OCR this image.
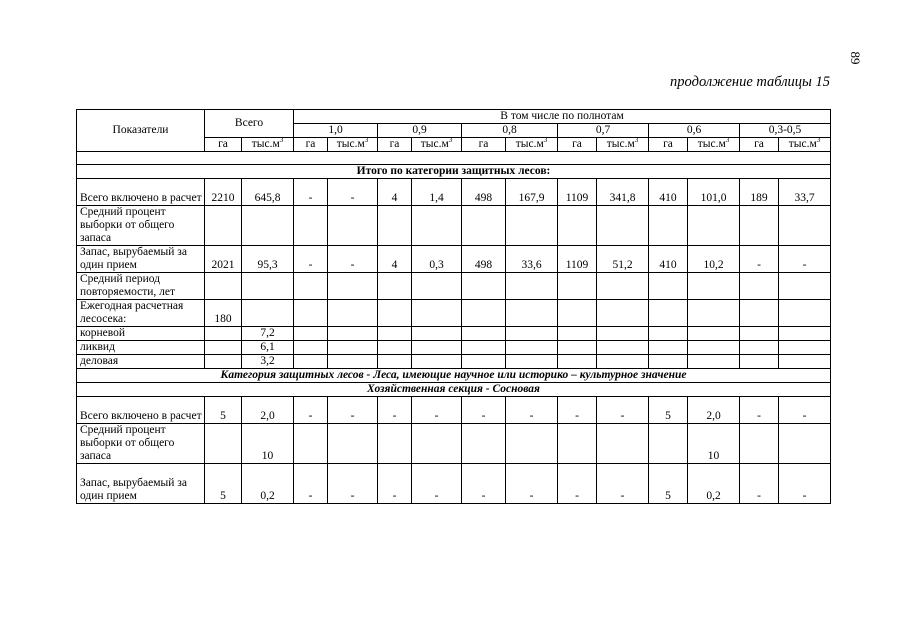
89
продолжение таблицы 15
Показатели	Всего		В том числе по полнотам											
			1,0		0,9		0,8		0,7		0,6		0,3-0,5	
	га	$тыс.м^3$	га	$тыс.м^3$	га	$тыс.м^3$	га	$тыс.м^3$	га	$тыс.м^3$	га	$тыс.м^3$	га	$тыс.м^3$

Итого по категории защитных лесов:														
Всего включено в расчет	2210	645,8	-	-	4	1,4	498	167,9	1109	341,8	410	101,0	189	33,7
Средний процент выборки от общего запаса														
Запас, вырубаемый за один прием	2021	95,3	-	-	4	0,3	498	33,6	1109	51,2	410	10,2	-	-
Средний период повторяемости, лет														
Ежегодная расчетная лесосека:	180													
корневой		7,2												
ликвид		6,1												
деловая		3,2												
Категория защитных лесов - Леса, имеющие научное или историко – культурное значение														
Хозяйственная секция - Сосновая														
Всего включено в расчет	5	2,0	-	-	-	-	-	-	-	-	5	2,0	-	-
Средний процент выборки от общего запаса		10										10		
Запас, вырубаемый за один прием	5	0,2	-	-	-	-	-	-	-	-	5	0,2	-	-
